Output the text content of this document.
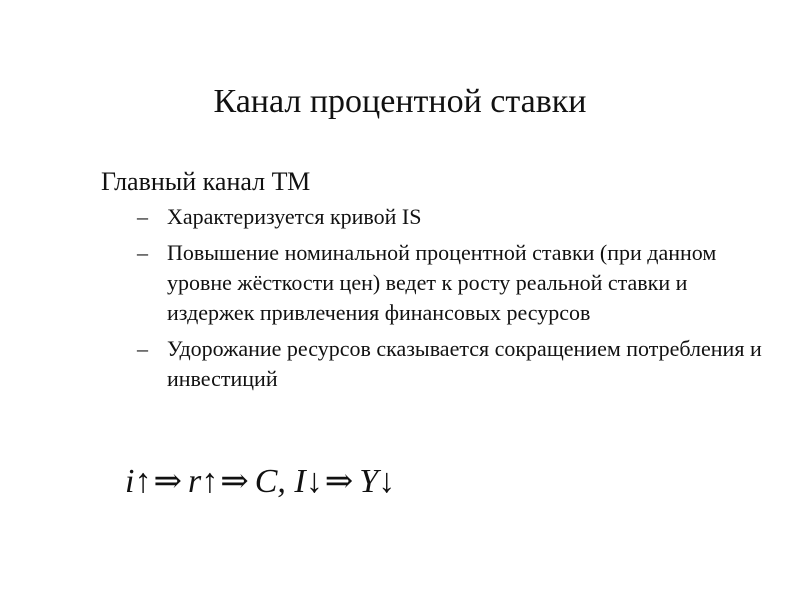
Канал процентной ставки
Главный канал ТМ
– Характеризуется кривой IS
– Повышение номинальной процентной ставки (при данном уровне жёсткости цен) ведет к росту реальной ставки и издержек привлечения финансовых ресурсов
– Удорожание ресурсов сказывается сокращением потребления и инвестиций
i↑⇒ r↑⇒ C, I↓⇒ Y↓
